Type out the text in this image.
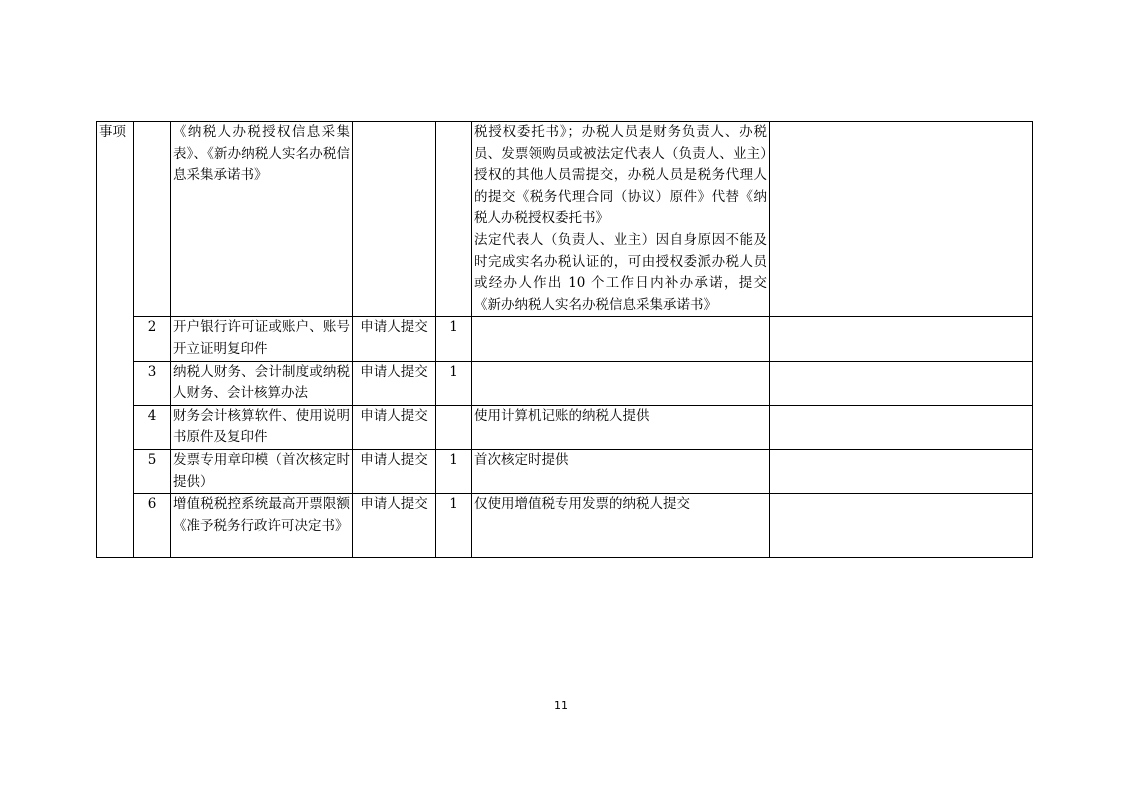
事项		《纳税人办税授权信息采集表》、《新办纳税人实名办税信息采集承诺书》			税授权委托书》；办税人员是财务负责人、办税员、发票领购员或被法定代表人（负责人、业主）授权的其他人员需提交，办税人员是税务代理人的提交《税务代理合同（协议）原件》代替《纳税人办税授权委托书》
法定代表人（负责人、业主）因自身原因不能及时完成实名办税认证的，可由授权委派办税人员或经办人作出 10 个工作日内补办承诺，提交《新办纳税人实名办税信息采集承诺书》	
	2	开户银行许可证或账户、账号开立证明复印件	申请人提交	1		
	3	纳税人财务、会计制度或纳税人财务、会计核算办法	申请人提交	1		
	4	财务会计核算软件、使用说明书原件及复印件	申请人提交		使用计算机记账的纳税人提供	
	5	发票专用章印模（首次核定时提供）	申请人提交	1	首次核定时提供	
	6	增值税税控系统最高开票限额《准予税务行政许可决定书》	申请人提交	1	仅使用增值税专用发票的纳税人提交	
11
